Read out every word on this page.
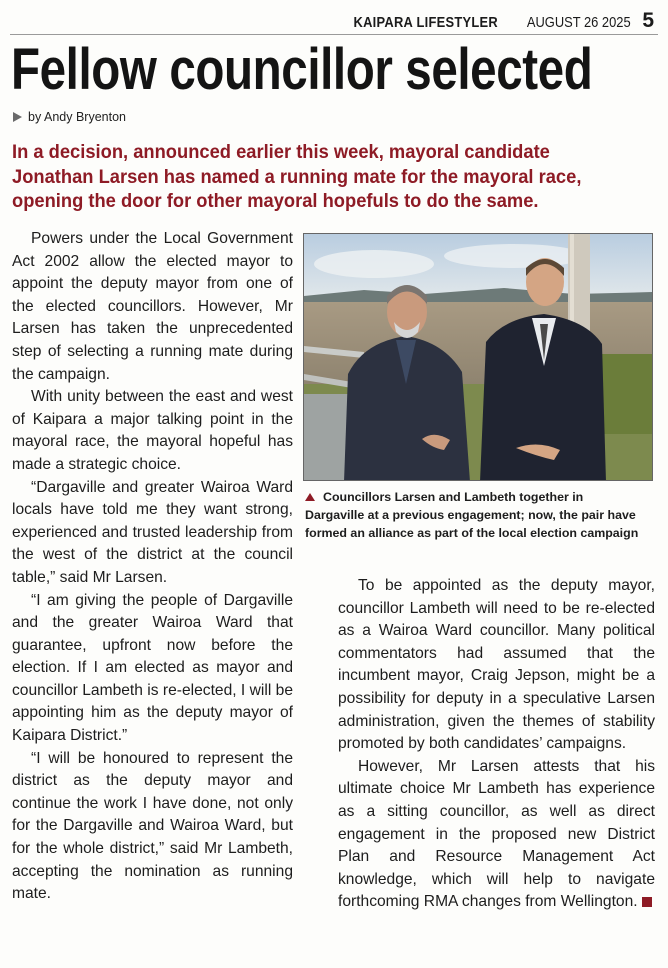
KAIPARA LIFESTYLER AUGUST 26 2025 5
Fellow councillor selected
by Andy Bryenton
In a decision, announced earlier this week, mayoral candidate Jonathan Larsen has named a running mate for the mayoral race, opening the door for other mayoral hopefuls to do the same.

Powers under the Local Government Act 2002 allow the elected mayor to appoint the deputy mayor from one of the elected councillors. However, Mr Larsen has taken the unprecedented step of selecting a running mate during the campaign.

With unity between the east and west of Kaipara a major talking point in the mayoral race, the mayoral hopeful has made a strategic choice.

“Dargaville and greater Wairoa Ward locals have told me they want strong, experienced and trusted leadership from the west of the district at the council table,” said Mr Larsen.

“I am giving the people of Dargaville and the greater Wairoa Ward that guarantee, upfront now before the election. If I am elected as mayor and councillor Lambeth is re-elected, I will be appointing him as the deputy mayor of Kaipara District.”

“I will be honoured to represent the district as the deputy mayor and continue the work I have done, not only for the Dargaville and Wairoa Ward, but for the whole district,” said Mr Lambeth, accepting the nomination as running mate.

Councillors Larsen and Lambeth together in Dargaville at a previous engagement; now, the pair have formed an alliance as part of the local election campaign

To be appointed as the deputy mayor, councillor Lambeth will need to be re-elected as a Wairoa Ward councillor. Many political commentators had assumed that the incumbent mayor, Craig Jepson, might be a possibility for deputy in a speculative Larsen administration, given the themes of stability promoted by both candidates’ campaigns.

However, Mr Larsen attests that his ultimate choice Mr Lambeth has experience as a sitting councillor, as well as direct engagement in the proposed new District Plan and Resource Management Act knowledge, which will help to navigate forthcoming RMA changes from Wellington.
